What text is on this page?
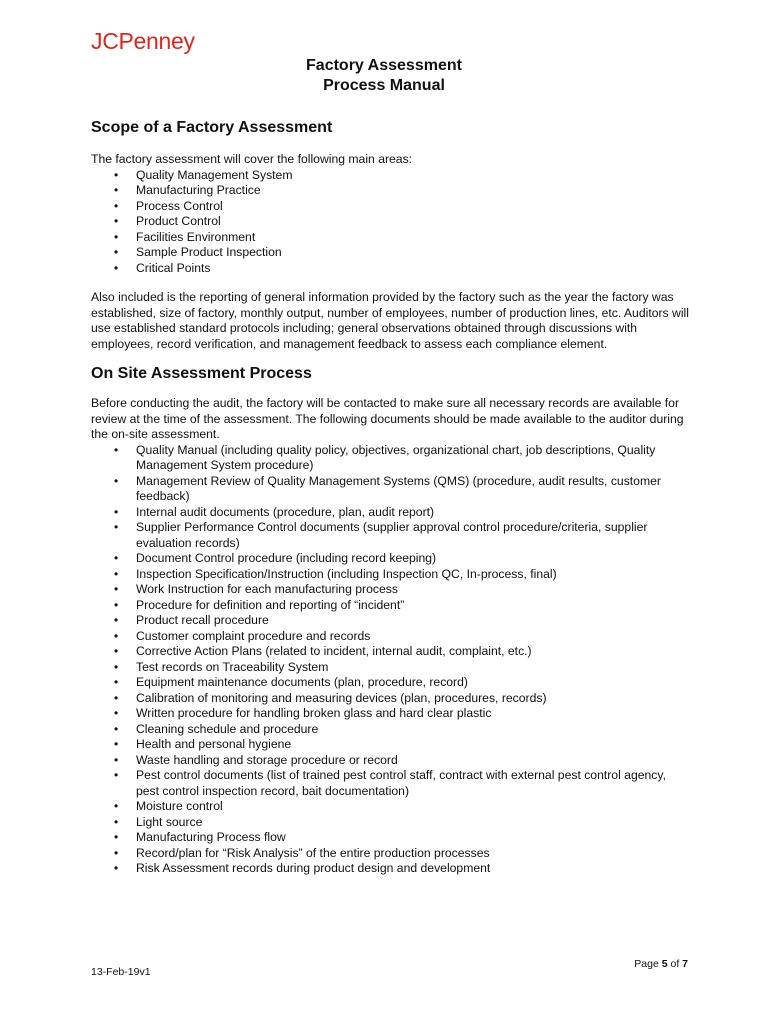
JCPenney
Factory Assessment
Process Manual
Scope of a Factory Assessment

The factory assessment will cover the following main areas:

• Quality Management System
• Manufacturing Practice
• Process Control
• Product Control
• Facilities Environment
• Sample Product Inspection
• Critical Points

Also included is the reporting of general information provided by the factory such as the year the factory was established, size of factory, monthly output, number of employees, number of production lines, etc. Auditors will use established standard protocols including; general observations obtained through discussions with employees, record verification, and management feedback to assess each compliance element.

On Site Assessment Process

Before conducting the audit, the factory will be contacted to make sure all necessary records are available for review at the time of the assessment. The following documents should be made available to the auditor during the on-site assessment.

• Quality Manual (including quality policy, objectives, organizational chart, job descriptions, Quality Management System procedure)
• Management Review of Quality Management Systems (QMS) (procedure, audit results, customer feedback)
• Internal audit documents (procedure, plan, audit report)
• Supplier Performance Control documents (supplier approval control procedure/criteria, supplier evaluation records)
• Document Control procedure (including record keeping)
• Inspection Specification/Instruction (including Inspection QC, In-process, final)
• Work Instruction for each manufacturing process
• Procedure for definition and reporting of “incident”
• Product recall procedure
• Customer complaint procedure and records
• Corrective Action Plans (related to incident, internal audit, complaint, etc.)
• Test records on Traceability System
• Equipment maintenance documents (plan, procedure, record)
• Calibration of monitoring and measuring devices (plan, procedures, records)
• Written procedure for handling broken glass and hard clear plastic
• Cleaning schedule and procedure
• Health and personal hygiene
• Waste handling and storage procedure or record
• Pest control documents (list of trained pest control staff, contract with external pest control agency, pest control inspection record, bait documentation)
• Moisture control
• Light source
• Manufacturing Process flow
• Record/plan for “Risk Analysis” of the entire production processes
• Risk Assessment records during product design and development
13-Feb-19v1
Page 5 of 7
